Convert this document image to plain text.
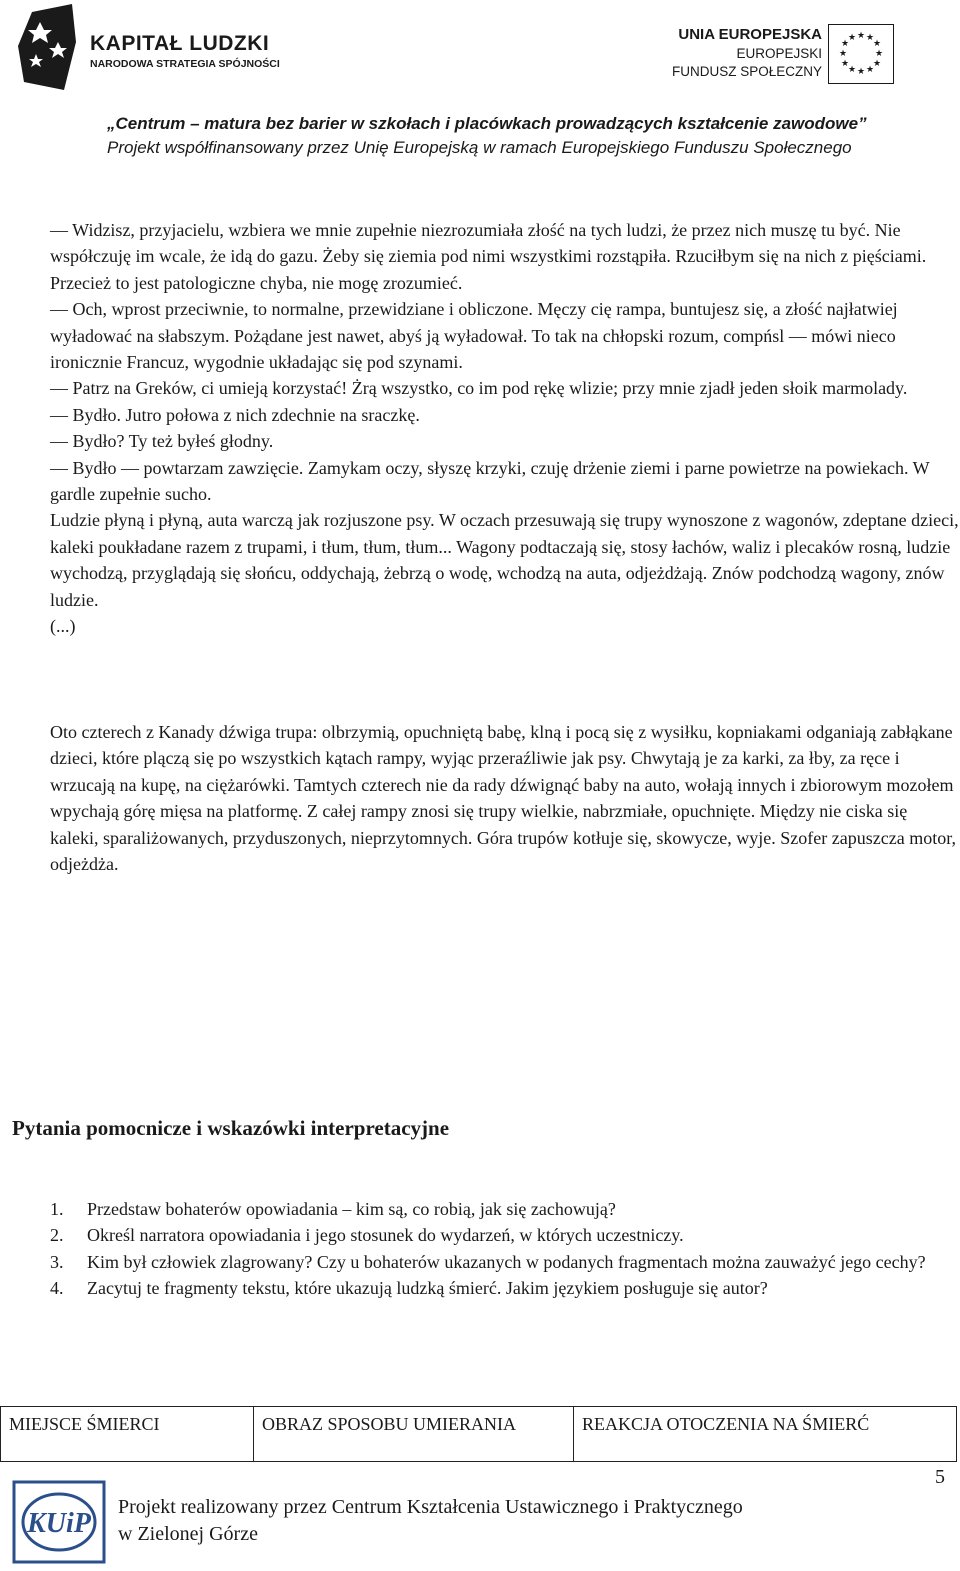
KAPITAŁ LUDZKI
NARODOWA STRATEGIA SPÓJNOŚCI
UNIA EUROPEJSKA
EUROPEJSKI
FUNDUSZ SPOŁECZNY
★ ★
★
★
★
★
★
★
★
★
★
★
„Centrum – matura bez barier w szkołach i placówkach prowadzących kształcenie zawodowe”
Projekt współfinansowany przez Unię Europejską w ramach Europejskiego Funduszu Społecznego

— Widzisz, przyjacielu, wzbiera we mnie zupełnie niezrozumiała złość na tych ludzi, że przez nich muszę tu być. Nie współczuję im wcale, że idą do gazu. Żeby się ziemia pod nimi wszystkimi rozstąpiła. Rzuciłbym się na nich z pięściami. Przecież to jest patologiczne chyba, nie mogę zrozumieć.

— Och, wprost przeciwnie, to normalne, przewidziane i obliczone. Męczy cię rampa, buntujesz się, a złość najłatwiej wyładować na słabszym. Pożądane jest nawet, abyś ją wyładował. To tak na chłopski rozum, compńsl — mówi nieco ironicznie Francuz, wygodnie układając się pod szynami.

— Patrz na Greków, ci umieją korzystać! Żrą wszystko, co im pod rękę wlizie; przy mnie zjadł jeden słoik marmolady.

— Bydło. Jutro połowa z nich zdechnie na sraczkę.

— Bydło? Ty też byłeś głodny.

— Bydło — powtarzam zawzięcie. Zamykam oczy, słyszę krzyki, czuję drżenie ziemi i parne powietrze na powiekach. W gardle zupełnie sucho.

Ludzie płyną i płyną, auta warczą jak rozjuszone psy. W oczach przesuwają się trupy wynoszone z wagonów, zdeptane dzieci, kaleki poukładane razem z trupami, i tłum, tłum, tłum... Wagony podtaczają się, stosy łachów, waliz i plecaków rosną, ludzie wychodzą, przyglądają się słońcu, oddychają, żebrzą o wodę, wchodzą na auta, odjeżdżają. Znów podchodzą wagony, znów ludzie.

(...)

Oto czterech z Kanady dźwiga trupa: olbrzymią, opuchniętą babę, klną i pocą się z wysiłku, kopniakami odganiają zabłąkane dzieci, które plączą się po wszystkich kątach rampy, wyjąc przeraźliwie jak psy. Chwytają je za karki, za łby, za ręce i wrzucają na kupę, na ciężarówki. Tamtych czterech nie da rady dźwignąć baby na auto, wołają innych i zbiorowym mozołem wpychają górę mięsa na platformę. Z całej rampy znosi się trupy wielkie, nabrzmiałe, opuchnięte. Między nie ciska się kaleki, sparaliżowanych, przyduszonych, nieprzytomnych. Góra trupów kotłuje się, skowycze, wyje. Szofer zapuszcza motor, odjeżdża.

Pytania pomocnicze i wskazówki interpretacyjne
1. Przedstaw bohaterów opowiadania – kim są, co robią, jak się zachowują?
2. Określ narratora opowiadania i jego stosunek do wydarzeń, w których uczestniczy.
3. Kim był człowiek zlagrowany? Czy u bohaterów ukazanych w podanych fragmentach można zauważyć jego cechy?
4. Zacytuj te fragmenty tekstu, które ukazują ludzką śmierć. Jakim językiem posługuje się autor?
MIEJSCE ŚMIERCI	OBRAZ SPOSOBU UMIERANIA	REAKCJA OTOCZENIA NA ŚMIERĆ
5
KUiP
Projekt realizowany przez Centrum Kształcenia Ustawicznego i Praktycznego
w Zielonej Górze
